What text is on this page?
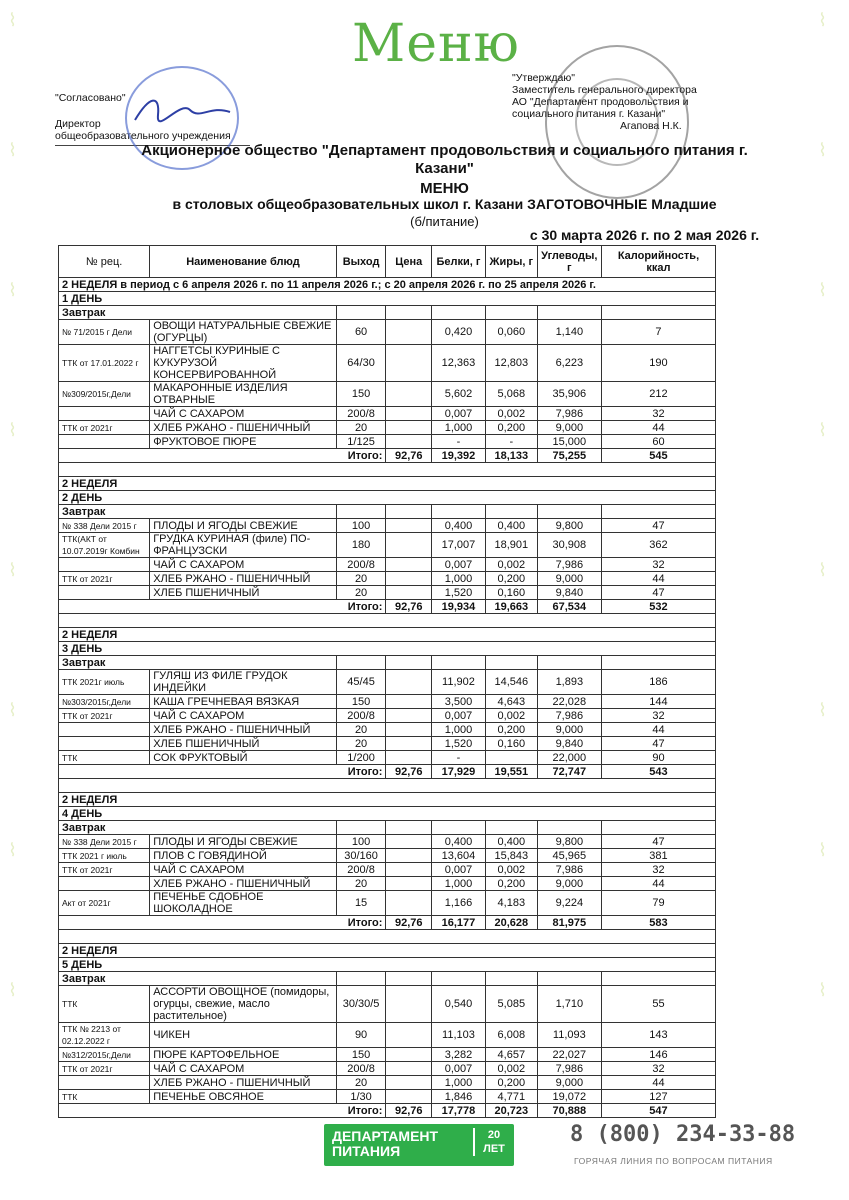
⌇
⌇
⌇
⌇
⌇
⌇
⌇
⌇
⌇
⌇
⌇
⌇
⌇
⌇
⌇
⌇
Меню
"Согласовано"
Директор
общеобразовательного учреждения
"Утверждаю"
Заместитель генерального директора
АО "Департамент продовольствия и
социального питания г. Казани"
Агапова Н.К.
Акционерное общество "Департамент продовольствия и социального питания г.
Казани"
МЕНЮ
в столовых общеобразовательных школ г. Казани ЗАГОТОВОЧНЫЕ Младшие
(б/питание)
с 30 марта 2026 г. по 2 мая 2026 г.
№ рец.	Наименование блюд	Выход	Цена	Белки, г	Жиры, г	Углеводы, г	Калорийность, ккал
2 НЕДЕЛЯ в период с 6 апреля 2026 г. по 11 апреля 2026 г.; с 20 апреля 2026 г. по 25 апреля 2026 г.							
1 ДЕНЬ							
Завтрак							
№ 71/2015 г Дели	ОВОЩИ НАТУРАЛЬНЫЕ СВЕЖИЕ (ОГУРЦЫ)	60		0,420	0,060	1,140	7
ТТК от 17.01.2022 г	НАГГЕТСЫ КУРИНЫЕ С КУКУРУЗОЙ КОНСЕРВИРОВАННОЙ	64/30		12,363	12,803	6,223	190
№309/2015г,Дели	МАКАРОННЫЕ ИЗДЕЛИЯ ОТВАРНЫЕ	150		5,602	5,068	35,906	212
	ЧАЙ С САХАРОМ	200/8		0,007	0,002	7,986	32
ТТК от 2021г	ХЛЕБ РЖАНО - ПШЕНИЧНЫЙ	20		1,000	0,200	9,000	44
	ФРУКТОВОЕ ПЮРЕ	1/125		-	-	15,000	60
Итого:			92,76	19,392	18,133	75,255	545

2 НЕДЕЛЯ							
2 ДЕНЬ							
Завтрак							
№ 338 Дели 2015 г	ПЛОДЫ И ЯГОДЫ СВЕЖИЕ	100		0,400	0,400	9,800	47
ТТК(АКТ от 10.07.2019г Комбин	ГРУДКА КУРИНАЯ (филе) ПО-ФРАНЦУЗСКИ	180		17,007	18,901	30,908	362
	ЧАЙ С САХАРОМ	200/8		0,007	0,002	7,986	32
ТТК от 2021г	ХЛЕБ РЖАНО - ПШЕНИЧНЫЙ	20		1,000	0,200	9,000	44
	ХЛЕБ ПШЕНИЧНЫЙ	20		1,520	0,160	9,840	47
Итого:			92,76	19,934	19,663	67,534	532

2 НЕДЕЛЯ							
3 ДЕНЬ							
Завтрак							
ТТК 2021г июль	ГУЛЯШ ИЗ ФИЛЕ ГРУДОК ИНДЕЙКИ	45/45		11,902	14,546	1,893	186
№303/2015г,Дели	КАША ГРЕЧНЕВАЯ ВЯЗКАЯ	150		3,500	4,643	22,028	144
ТТК от 2021г	ЧАЙ С САХАРОМ	200/8		0,007	0,002	7,986	32
	ХЛЕБ РЖАНО - ПШЕНИЧНЫЙ	20		1,000	0,200	9,000	44
	ХЛЕБ ПШЕНИЧНЫЙ	20		1,520	0,160	9,840	47
ТТК	СОК ФРУКТОВЫЙ	1/200		-		22,000	90
Итого:			92,76	17,929	19,551	72,747	543

2 НЕДЕЛЯ							
4 ДЕНЬ							
Завтрак							
№ 338 Дели 2015 г	ПЛОДЫ И ЯГОДЫ СВЕЖИЕ	100		0,400	0,400	9,800	47
ТТК 2021 г июль	ПЛОВ С ГОВЯДИНОЙ	30/160		13,604	15,843	45,965	381
ТТК от 2021г	ЧАЙ С САХАРОМ	200/8		0,007	0,002	7,986	32
	ХЛЕБ РЖАНО - ПШЕНИЧНЫЙ	20		1,000	0,200	9,000	44
Акт от 2021г	ПЕЧЕНЬЕ СДОБНОЕ ШОКОЛАДНОЕ	15		1,166	4,183	9,224	79
Итого:			92,76	16,177	20,628	81,975	583

2 НЕДЕЛЯ							
5 ДЕНЬ							
Завтрак							
ТТК	АССОРТИ ОВОЩНОЕ (помидоры, огурцы, свежие, масло растительное)	30/30/5		0,540	5,085	1,710	55
ТТК № 2213 от 02.12.2022 г	ЧИКЕН	90		11,103	6,008	11,093	143
№312/2015г,Дели	ПЮРЕ КАРТОФЕЛЬНОЕ	150		3,282	4,657	22,027	146
ТТК от 2021г	ЧАЙ С САХАРОМ	200/8		0,007	0,002	7,986	32
	ХЛЕБ РЖАНО - ПШЕНИЧНЫЙ	20		1,000	0,200	9,000	44
ТТК	ПЕЧЕНЬЕ ОВСЯНОЕ	1/30		1,846	4,771	19,072	127
Итого:			92,76	17,778	20,723	70,888	547
ДЕПАРТАМЕНТ
ПИТАНИЯ
20 ЛЕТ
8 (800) 234-33-88
ГОРЯЧАЯ ЛИНИЯ ПО ВОПРОСАМ ПИТАНИЯ
